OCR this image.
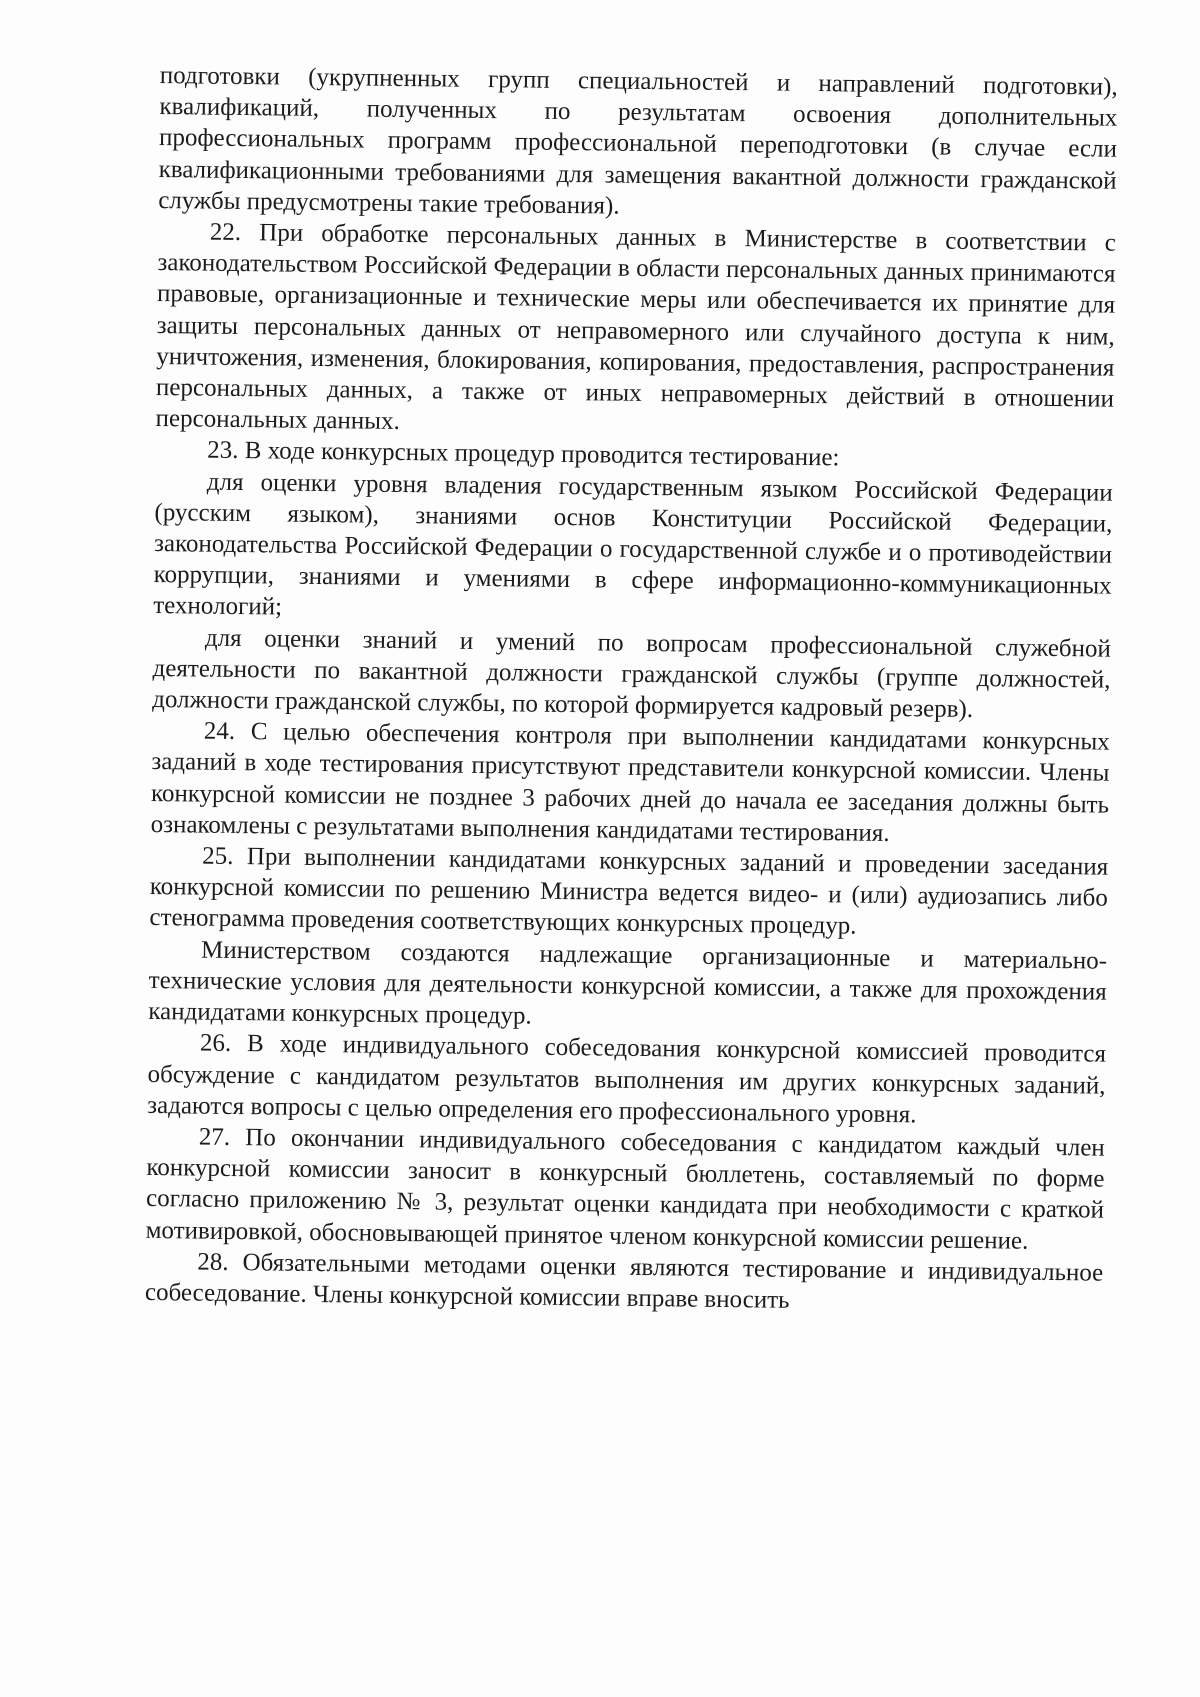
подготовки (укрупненных групп специальностей и направлений подготовки), квалификаций, полученных по результатам освоения дополнительных профессиональных программ профессиональной переподготовки (в случае если квалификационными требованиями для замещения вакантной должности гражданской службы предусмотрены такие требования).

22. При обработке персональных данных в Министерстве в соответствии с законодательством Российской Федерации в области персональных данных принимаются правовые, организационные и технические меры или обеспечивается их принятие для защиты персональных данных от неправомерного или случайного доступа к ним, уничтожения, изменения, блокирования, копирования, предоставления, распространения персональных данных, а также от иных неправомерных действий в отношении персональных данных.

23. В ходе конкурсных процедур проводится тестирование:

для оценки уровня владения государственным языком Российской Федерации (русским языком), знаниями основ Конституции Российской Федерации, законодательства Российской Федерации о государственной службе и о противодействии коррупции, знаниями и умениями в сфере информационно-коммуникационных технологий;

для оценки знаний и умений по вопросам профессиональной служебной деятельности по вакантной должности гражданской службы (группе должностей, должности гражданской службы, по которой формируется кадровый резерв).

24. С целью обеспечения контроля при выполнении кандидатами конкурсных заданий в ходе тестирования присутствуют представители конкурсной комиссии. Члены конкурсной комиссии не позднее 3 рабочих дней до начала ее заседания должны быть ознакомлены с результатами выполнения кандидатами тестирования.

25. При выполнении кандидатами конкурсных заданий и проведении заседания конкурсной комиссии по решению Министра ведется видео- и (или) аудиозапись либо стенограмма проведения соответствующих конкурсных процедур.

Министерством создаются надлежащие организационные и материально-технические условия для деятельности конкурсной комиссии, а также для прохождения кандидатами конкурсных процедур.

26. В ходе индивидуального собеседования конкурсной комиссией проводится обсуждение с кандидатом результатов выполнения им других конкурсных заданий, задаются вопросы с целью определения его профессионального уровня.

27. По окончании индивидуального собеседования с кандидатом каждый член конкурсной комиссии заносит в конкурсный бюллетень, составляемый по форме согласно приложению № 3, результат оценки кандидата при необходимости с краткой мотивировкой, обосновывающей принятое членом конкурсной комиссии решение.

28. Обязательными методами оценки являются тестирование и индивидуальное собеседование. Члены конкурсной комиссии вправе вносить
